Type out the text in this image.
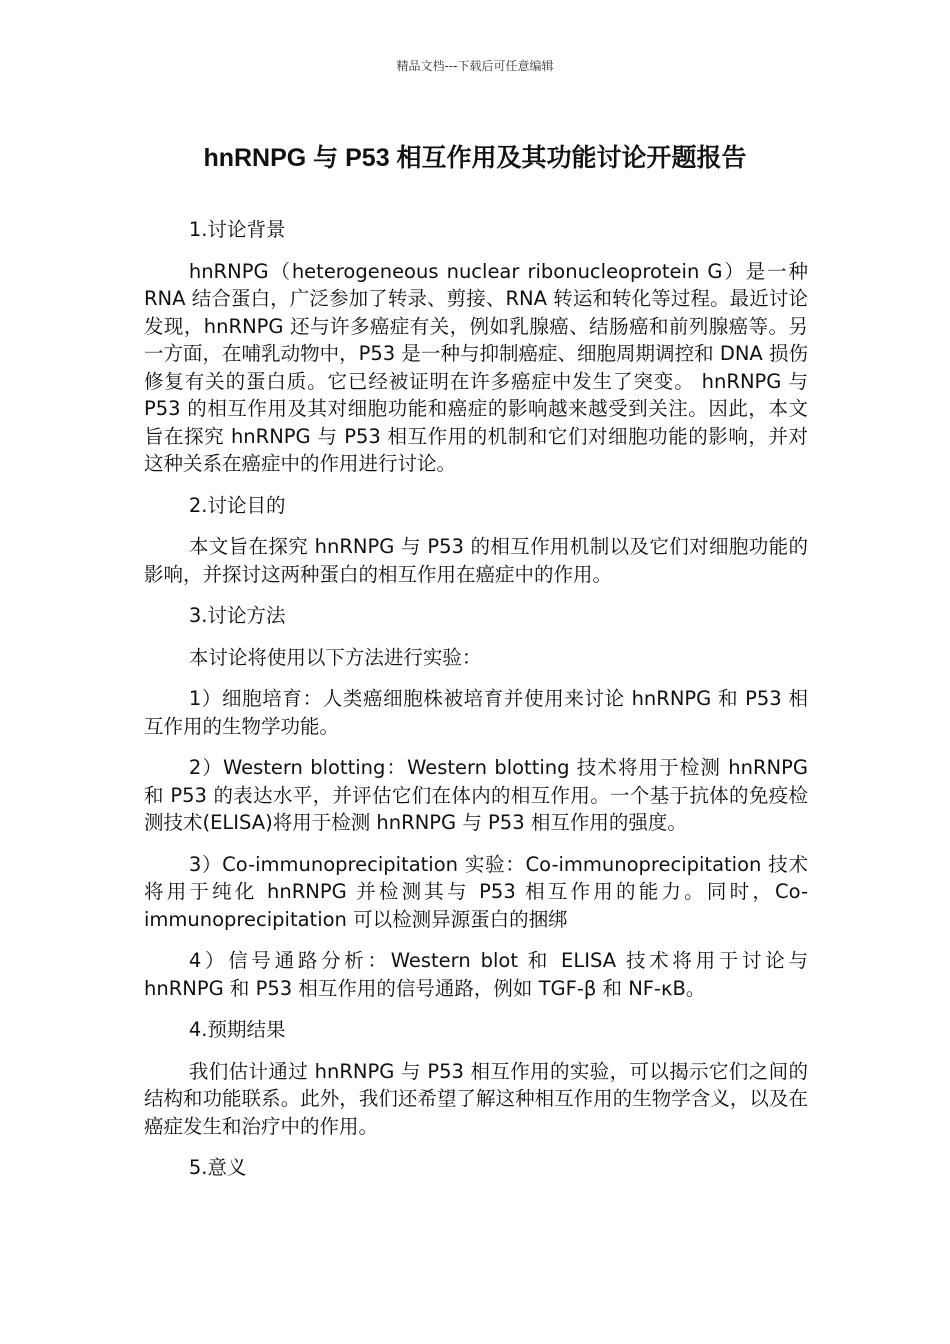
精品文档---下载后可任意编辑
hnRNPG 与 P53 相互作用及其功能讨论开题报告
1.讨论背景

hnRNPG（heterogeneous nuclear ribonucleoprotein G）是一种 RNA 结合蛋白，广泛参加了转录、剪接、RNA 转运和转化等过程。最近讨论发现，hnRNPG 还与许多癌症有关，例如乳腺癌、结肠癌和前列腺癌等。另一方面，在哺乳动物中，P53 是一种与抑制癌症、细胞周期调控和 DNA 损伤修复有关的蛋白质。它已经被证明在许多癌症中发生了突变。 hnRNPG 与 P53 的相互作用及其对细胞功能和癌症的影响越来越受到关注。因此，本文旨在探究 hnRNPG 与 P53 相互作用的机制和它们对细胞功能的影响，并对这种关系在癌症中的作用进行讨论。

2.讨论目的

本文旨在探究 hnRNPG 与 P53 的相互作用机制以及它们对细胞功能的影响，并探讨这两种蛋白的相互作用在癌症中的作用。

3.讨论方法

本讨论将使用以下方法进行实验：

1）细胞培育：人类癌细胞株被培育并使用来讨论 hnRNPG 和 P53 相互作用的生物学功能。

2）Western blotting：Western blotting 技术将用于检测 hnRNPG 和 P53 的表达水平，并评估它们在体内的相互作用。一个基于抗体的免疫检测技术(ELISA)将用于检测 hnRNPG 与 P53 相互作用的强度。

3）Co-immunoprecipitation 实验：Co-immunoprecipitation 技术将用于纯化 hnRNPG 并检测其与 P53 相互作用的能力。同时，Co-immunoprecipitation 可以检测异源蛋白的捆绑

4）信号通路分析：Western blot 和 ELISA 技术将用于讨论与 hnRNPG 和 P53 相互作用的信号通路，例如 TGF-β 和 NF-κB。

4.预期结果

我们估计通过 hnRNPG 与 P53 相互作用的实验，可以揭示它们之间的结构和功能联系。此外，我们还希望了解这种相互作用的生物学含义，以及在癌症发生和治疗中的作用。

5.意义
